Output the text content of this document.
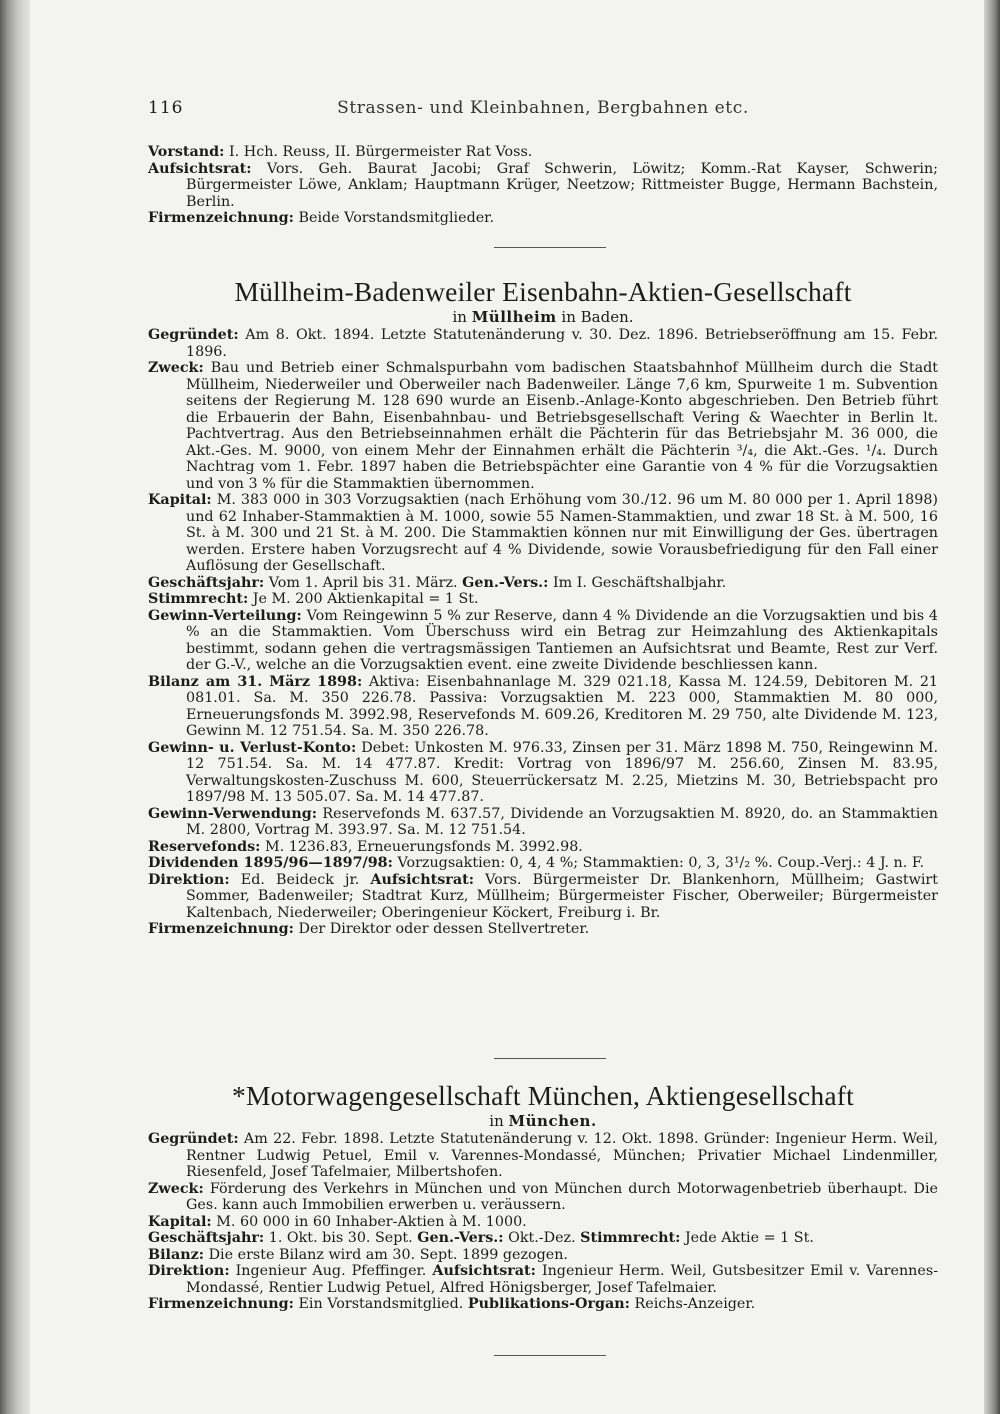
116	Strassen- und Kleinbahnen, Bergbahnen etc.

Vorstand: I. Hch. Reuss, II. Bürgermeister Rat Voss.

Aufsichtsrat: Vors. Geh. Baurat Jacobi; Graf Schwerin, Löwitz; Komm.-Rat Kayser, Schwerin; Bürgermeister Löwe, Anklam; Hauptmann Krüger, Neetzow; Rittmeister Bugge, Hermann Bachstein, Berlin.

Firmenzeichnung: Beide Vorstandsmitglieder.

Müllheim-Badenweiler Eisenbahn-Aktien-Gesellschaft
in Müllheim in Baden.

Gegründet: Am 8. Okt. 1894. Letzte Statutenänderung v. 30. Dez. 1896. Betriebseröffnung am 15. Febr. 1896.

Zweck: Bau und Betrieb einer Schmalspurbahn vom badischen Staatsbahnhof Müllheim durch die Stadt Müllheim, Niederweiler und Oberweiler nach Badenweiler. Länge 7,6 km, Spurweite 1 m. Subvention seitens der Regierung M. 128 690 wurde an Eisenb.-Anlage-Konto abgeschrieben. Den Betrieb führt die Erbauerin der Bahn, Eisenbahnbau- und Betriebsgesellschaft Vering & Waechter in Berlin lt. Pachtvertrag. Aus den Betriebseinnahmen erhält die Pächterin für das Betriebsjahr M. 36 000, die Akt.-Ges. M. 9000, von einem Mehr der Einnahmen erhält die Pächterin ³/₄, die Akt.-Ges. ¹/₄. Durch Nachtrag vom 1. Febr. 1897 haben die Betriebspächter eine Garantie von 4 % für die Vorzugsaktien und von 3 % für die Stammaktien übernommen.

Kapital: M. 383 000 in 303 Vorzugsaktien (nach Erhöhung vom 30./12. 96 um M. 80 000 per 1. April 1898) und 62 Inhaber-Stammaktien à M. 1000, sowie 55 Namen-Stammaktien, und zwar 18 St. à M. 500, 16 St. à M. 300 und 21 St. à M. 200. Die Stammaktien können nur mit Einwilligung der Ges. übertragen werden. Erstere haben Vorzugsrecht auf 4 % Dividende, sowie Vorausbefriedigung für den Fall einer Auflösung der Gesellschaft.

Geschäftsjahr: Vom 1. April bis 31. März. Gen.-Vers.: Im I. Geschäftshalbjahr.

Stimmrecht: Je M. 200 Aktienkapital = 1 St.

Gewinn-Verteilung: Vom Reingewinn 5 % zur Reserve, dann 4 % Dividende an die Vorzugsaktien und bis 4 % an die Stammaktien. Vom Überschuss wird ein Betrag zur Heimzahlung des Aktienkapitals bestimmt, sodann gehen die vertragsmässigen Tantiemen an Aufsichtsrat und Beamte, Rest zur Verf. der G.-V., welche an die Vorzugsaktien event. eine zweite Dividende beschliessen kann.

Bilanz am 31. März 1898: Aktiva: Eisenbahnanlage M. 329 021.18, Kassa M. 124.59, Debitoren M. 21 081.01. Sa. M. 350 226.78. Passiva: Vorzugsaktien M. 223 000, Stammaktien M. 80 000, Erneuerungsfonds M. 3992.98, Reservefonds M. 609.26, Kreditoren M. 29 750, alte Dividende M. 123, Gewinn M. 12 751.54. Sa. M. 350 226.78.

Gewinn- u. Verlust-Konto: Debet: Unkosten M. 976.33, Zinsen per 31. März 1898 M. 750, Reingewinn M. 12 751.54. Sa. M. 14 477.87. Kredit: Vortrag von 1896/97 M. 256.60, Zinsen M. 83.95, Verwaltungskosten-Zuschuss M. 600, Steuerrückersatz M. 2.25, Mietzins M. 30, Betriebspacht pro 1897/98 M. 13 505.07. Sa. M. 14 477.87.

Gewinn-Verwendung: Reservefonds M. 637.57, Dividende an Vorzugsaktien M. 8920, do. an Stammaktien M. 2800, Vortrag M. 393.97. Sa. M. 12 751.54.

Reservefonds: M. 1236.83, Erneuerungsfonds M. 3992.98.

Dividenden 1895/96—1897/98: Vorzugsaktien: 0, 4, 4 %; Stammaktien: 0, 3, 3¹/₂ %. Coup.-Verj.: 4 J. n. F.

Direktion: Ed. Beideck jr. Aufsichtsrat: Vors. Bürgermeister Dr. Blankenhorn, Müllheim; Gastwirt Sommer, Badenweiler; Stadtrat Kurz, Müllheim; Bürgermeister Fischer, Oberweiler; Bürgermeister Kaltenbach, Niederweiler; Oberingenieur Köckert, Freiburg i. Br.

Firmenzeichnung: Der Direktor oder dessen Stellvertreter.

*Motorwagengesellschaft München, Aktiengesellschaft
in München.

Gegründet: Am 22. Febr. 1898. Letzte Statutenänderung v. 12. Okt. 1898. Gründer: Ingenieur Herm. Weil, Rentner Ludwig Petuel, Emil v. Varennes-Mondassé, München; Privatier Michael Lindenmiller, Riesenfeld, Josef Tafelmaier, Milbertshofen.

Zweck: Förderung des Verkehrs in München und von München durch Motorwagenbetrieb überhaupt. Die Ges. kann auch Immobilien erwerben u. veräussern.

Kapital: M. 60 000 in 60 Inhaber-Aktien à M. 1000.

Geschäftsjahr: 1. Okt. bis 30. Sept. Gen.-Vers.: Okt.-Dez. Stimmrecht: Jede Aktie = 1 St.

Bilanz: Die erste Bilanz wird am 30. Sept. 1899 gezogen.

Direktion: Ingenieur Aug. Pfeffinger. Aufsichtsrat: Ingenieur Herm. Weil, Gutsbesitzer Emil v. Varennes-Mondassé, Rentier Ludwig Petuel, Alfred Hönigsberger, Josef Tafelmaier.

Firmenzeichnung: Ein Vorstandsmitglied. Publikations-Organ: Reichs-Anzeiger.
